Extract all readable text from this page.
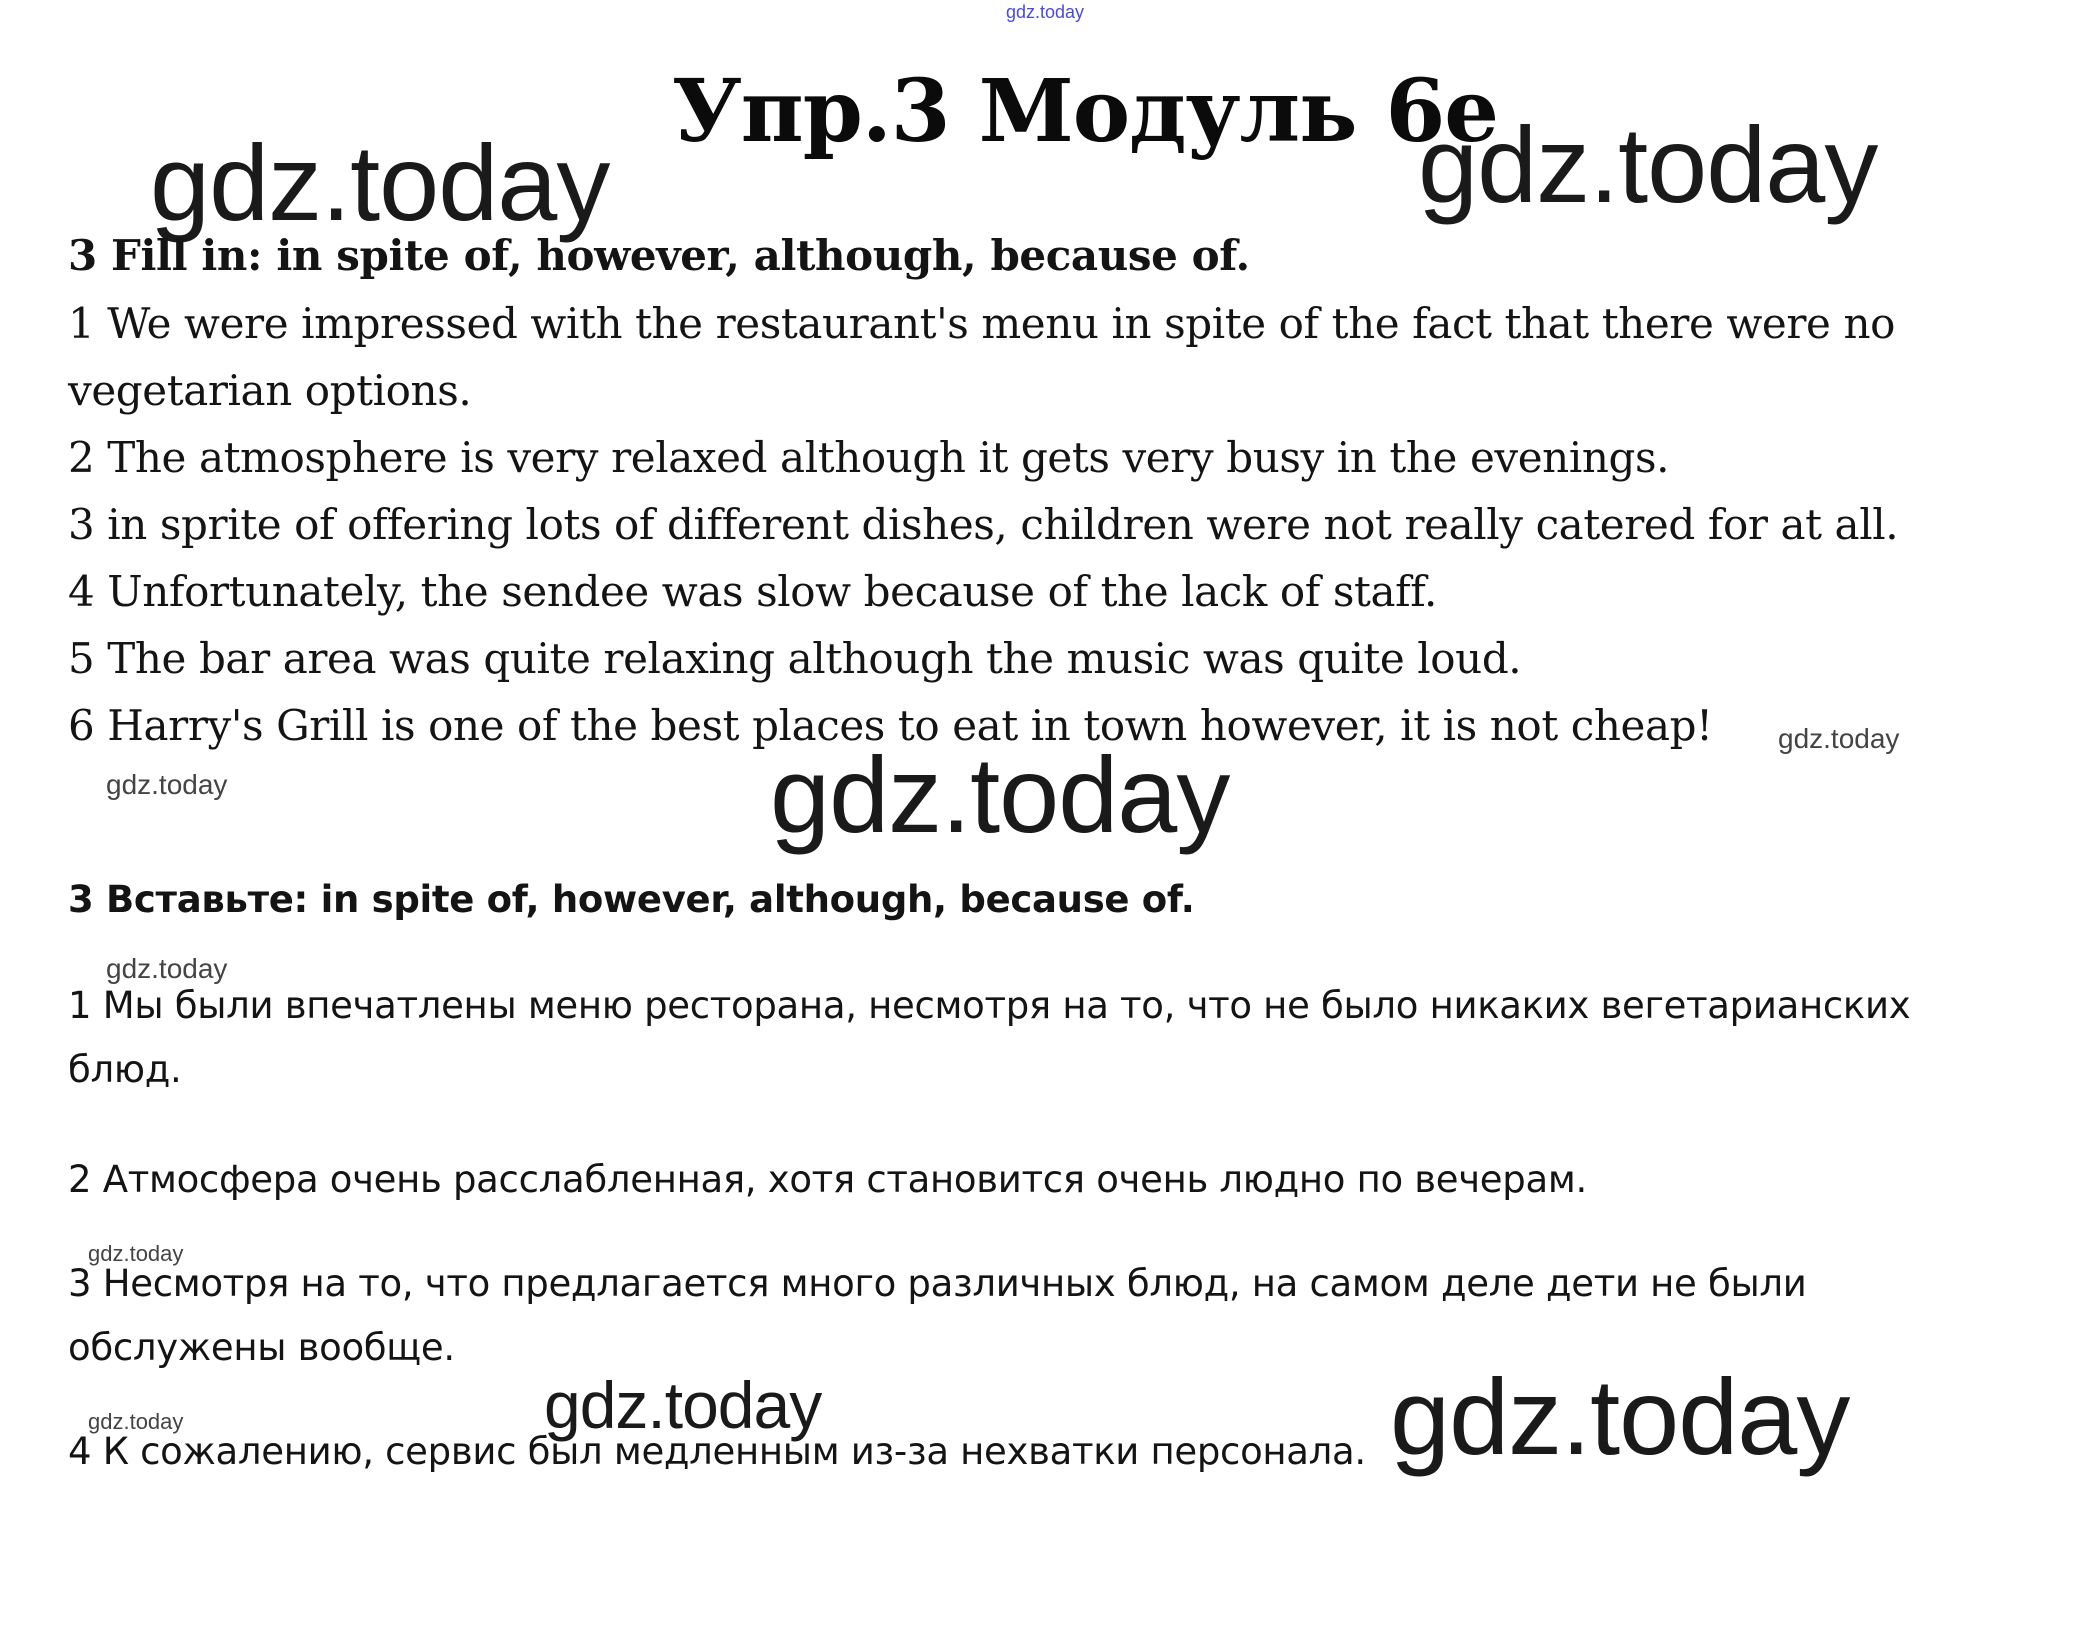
gdz.today
Упр.3 Модуль 6е
gdz.today	gdz.today
3 Fill in: in spite of, however, although, because of.
1 We were impressed with the restaurant's menu in spite of the fact that there were no
vegetarian options.
2 The atmosphere is very relaxed although it gets very busy in the evenings.
3 in sprite of offering lots of different dishes, children were not really catered for at all.
4 Unfortunately, the sendee was slow because of the lack of staff.
5 The bar area was quite relaxing although the music was quite loud.
6 Harry's Grill is one of the best places to eat in town however, it is not cheap! gdz.today
gdz.today	gdz.today
3 Вставьте: in spite of, however, although, because of.
gdz.today
1 Мы были впечатлены меню ресторана, несмотря на то, что не было никаких вегетарианских
блюд.
2 Атмосфера очень расслабленная, хотя становится очень людно по вечерам.
gdz.today
3 Несмотря на то, что предлагается много различных блюд, на самом деле дети не были
обслужены вообще.
gdz.today	gdz.today
gdz.today
4 К сожалению, сервис был медленным из-за нехватки персонала.
